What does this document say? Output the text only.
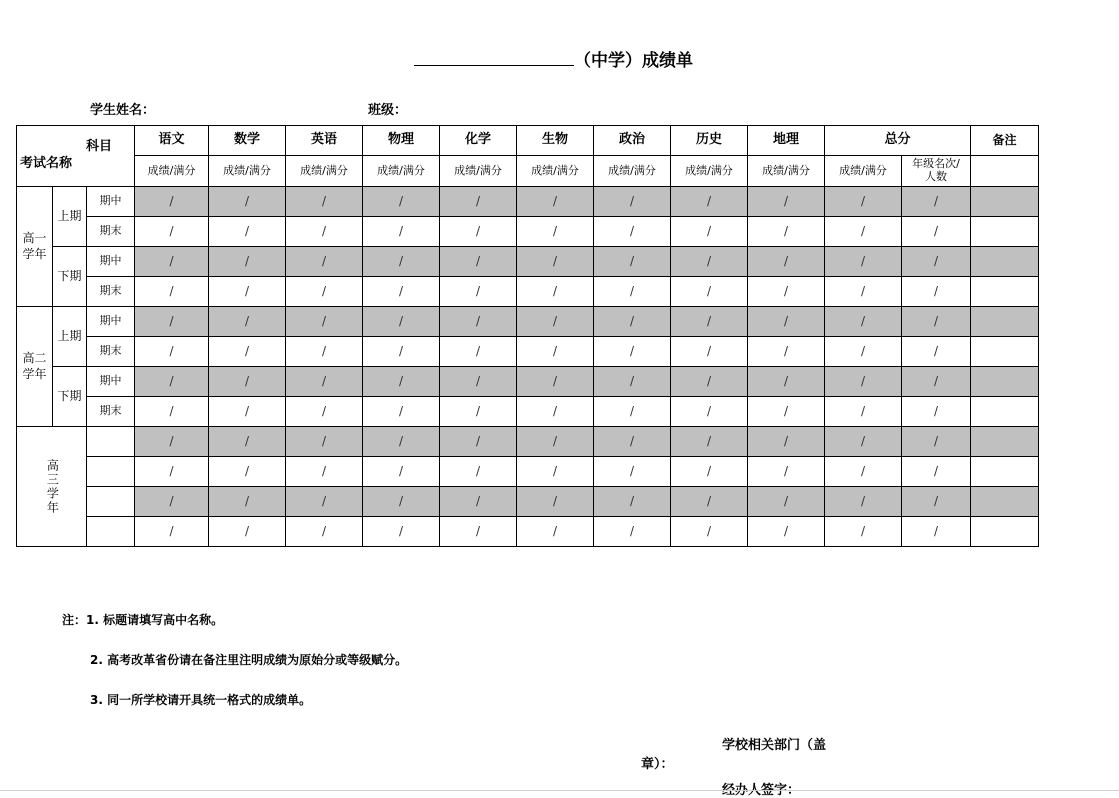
（中学）成绩单
学生姓名：	班级：
科目
考试名称			语文	数学	英语	物理	化学	生物	政治	历史	地理	总分		备注
			成绩/满分	成绩/满分	成绩/满分	成绩/满分	成绩/满分	成绩/满分	成绩/满分	成绩/满分	成绩/满分	成绩/满分	年级名次/人数	

高一学年	上期	期中	/	/	/	/	/	/	/	/	/	/	/	
		期末	/	/	/	/	/	/	/	/	/	/	/	
	下期	期中	/	/	/	/	/	/	/	/	/	/	/	
		期末	/	/	/	/	/	/	/	/	/	/	/	

高二学年	上期	期中	/	/	/	/	/	/	/	/	/	/	/	
		期末	/	/	/	/	/	/	/	/	/	/	/	
	下期	期中	/	/	/	/	/	/	/	/	/	/	/	
		期末	/	/	/	/	/	/	/	/	/	/	/	

高三学年			/	/	/	/	/	/	/	/	/	/	/	
			/	/	/	/	/	/	/	/	/	/	/	
			/	/	/	/	/	/	/	/	/	/	/	
			/	/	/	/	/	/	/	/	/	/	/	
注：1. 标题请填写高中名称。
2. 高考改革省份请在备注里注明成绩为原始分或等级赋分。
3. 同一所学校请开具统一格式的成绩单。
学校相关部门（盖
章）：
经办人签字：
